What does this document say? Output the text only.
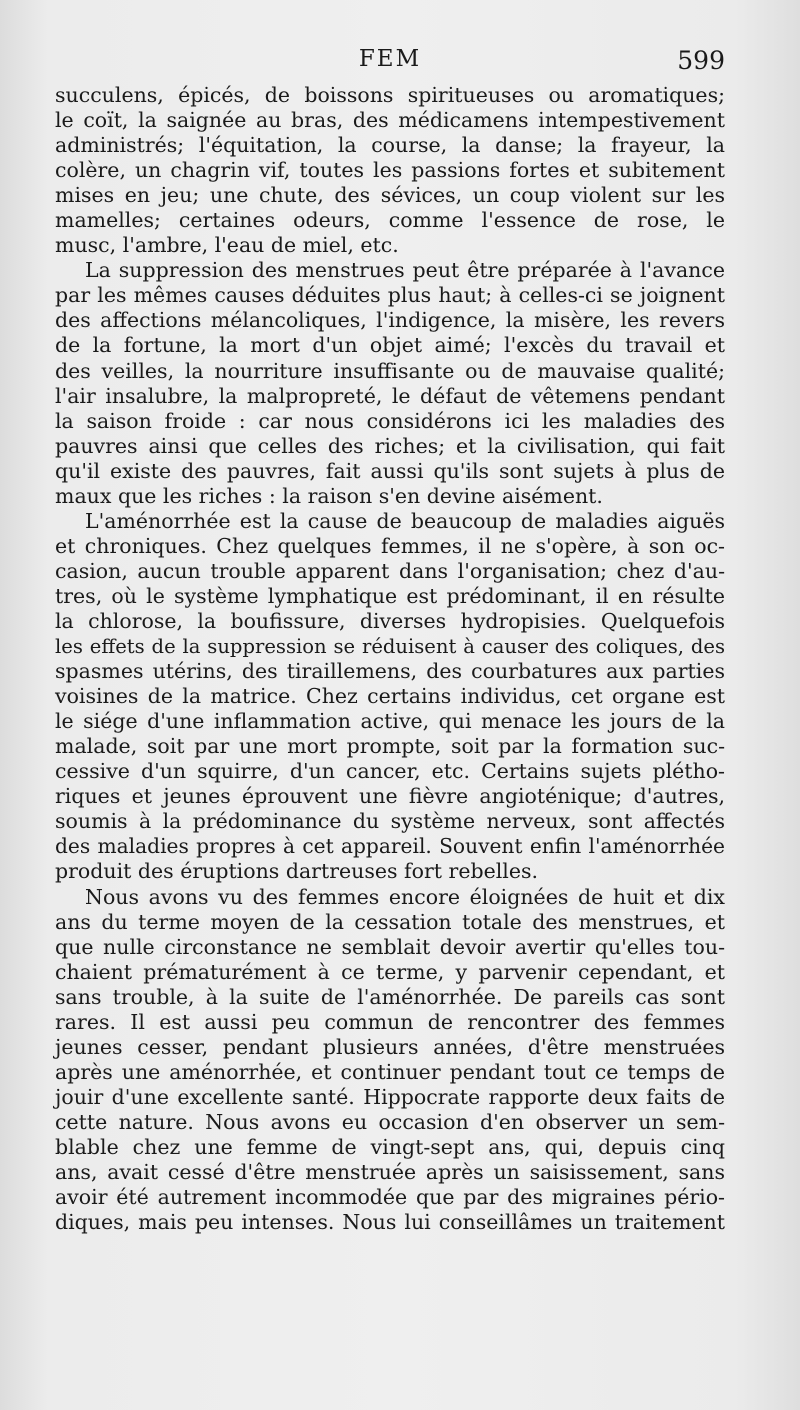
FEM	599
succulens, épicés, de boissons spiritueuses ou aromatiques;
le coït, la saignée au bras, des médicamens intempestivement
administrés; l'équitation, la course, la danse; la frayeur, la
colère, un chagrin vif, toutes les passions fortes et subitement
mises en jeu; une chute, des sévices, un coup violent sur les
mamelles; certaines odeurs, comme l'essence de rose, le
musc, l'ambre, l'eau de miel, etc.
La suppression des menstrues peut être préparée à l'avance
par les mêmes causes déduites plus haut; à celles-ci se joignent
des affections mélancoliques, l'indigence, la misère, les revers
de la fortune, la mort d'un objet aimé; l'excès du travail et
des veilles, la nourriture insuffisante ou de mauvaise qualité;
l'air insalubre, la malpropreté, le défaut de vêtemens pendant
la saison froide : car nous considérons ici les maladies des
pauvres ainsi que celles des riches; et la civilisation, qui fait
qu'il existe des pauvres, fait aussi qu'ils sont sujets à plus de
maux que les riches : la raison s'en devine aisément.
L'aménorrhée est la cause de beaucoup de maladies aiguës
et chroniques. Chez quelques femmes, il ne s'opère, à son oc-
casion, aucun trouble apparent dans l'organisation; chez d'au-
tres, où le système lymphatique est prédominant, il en résulte
la chlorose, la boufissure, diverses hydropisies. Quelquefois
les effets de la suppression se réduisent à causer des coliques, des
spasmes utérins, des tiraillemens, des courbatures aux parties
voisines de la matrice. Chez certains individus, cet organe est
le siége d'une inflammation active, qui menace les jours de la
malade, soit par une mort prompte, soit par la formation suc-
cessive d'un squirre, d'un cancer, etc. Certains sujets plétho-
riques et jeunes éprouvent une fièvre angioténique; d'autres,
soumis à la prédominance du système nerveux, sont affectés
des maladies propres à cet appareil. Souvent enfin l'aménorrhée
produit des éruptions dartreuses fort rebelles.
Nous avons vu des femmes encore éloignées de huit et dix
ans du terme moyen de la cessation totale des menstrues, et
que nulle circonstance ne semblait devoir avertir qu'elles tou-
chaient prématurément à ce terme, y parvenir cependant, et
sans trouble, à la suite de l'aménorrhée. De pareils cas sont
rares. Il est aussi peu commun de rencontrer des femmes
jeunes cesser, pendant plusieurs années, d'être menstruées
après une aménorrhée, et continuer pendant tout ce temps de
jouir d'une excellente santé. Hippocrate rapporte deux faits de
cette nature. Nous avons eu occasion d'en observer un sem-
blable chez une femme de vingt-sept ans, qui, depuis cinq
ans, avait cessé d'être menstruée après un saisissement, sans
avoir été autrement incommodée que par des migraines pério-
diques, mais peu intenses. Nous lui conseillâmes un traitement
